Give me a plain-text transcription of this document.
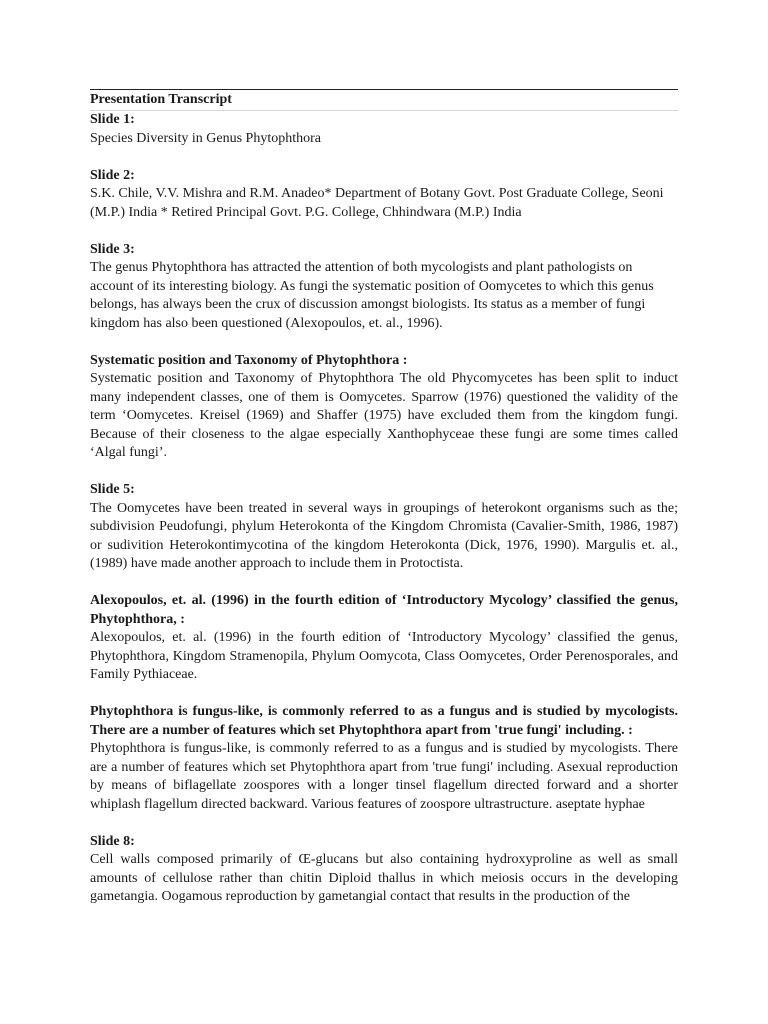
Presentation Transcript
Slide 1:

Species Diversity in Genus Phytophthora

Slide 2:

S.K. Chile, V.V. Mishra and R.M. Anadeo* Department of Botany Govt. Post Graduate College, Seoni (M.P.) India * Retired Principal Govt. P.G. College, Chhindwara (M.P.) India

Slide 3:

The genus Phytophthora has attracted the attention of both mycologists and plant pathologists on account of its interesting biology. As fungi the systematic position of Oomycetes to which this genus belongs, has always been the crux of discussion amongst biologists. Its status as a member of fungi kingdom has also been questioned (Alexopoulos, et. al., 1996).

Systematic position and Taxonomy of Phytophthora :

Systematic position and Taxonomy of Phytophthora The old Phycomycetes has been split to induct many independent classes, one of them is Oomycetes. Sparrow (1976) questioned the validity of the term ‘Oomycetes. Kreisel (1969) and Shaffer (1975) have excluded them from the kingdom fungi. Because of their closeness to the algae especially Xanthophyceae these fungi are some times called ‘Algal fungi’.

Slide 5:

The Oomycetes have been treated in several ways in groupings of heterokont organisms such as the; subdivision Peudofungi, phylum Heterokonta of the Kingdom Chromista (Cavalier-Smith, 1986, 1987) or sudivition Heterokontimycotina of the kingdom Heterokonta (Dick, 1976, 1990). Margulis et. al., (1989) have made another approach to include them in Protoctista.

Alexopoulos, et. al. (1996) in the fourth edition of ‘Introductory Mycology’ classified the genus, Phytophthora, :

Alexopoulos, et. al. (1996) in the fourth edition of ‘Introductory Mycology’ classified the genus, Phytophthora, Kingdom Stramenopila, Phylum Oomycota, Class Oomycetes, Order Perenosporales, and Family Pythiaceae.

Phytophthora is fungus-like, is commonly referred to as a fungus and is studied by mycologists. There are a number of features which set Phytophthora apart from 'true fungi' including. :

Phytophthora is fungus-like, is commonly referred to as a fungus and is studied by mycologists. There are a number of features which set Phytophthora apart from 'true fungi' including. Asexual reproduction by means of biflagellate zoospores with a longer tinsel flagellum directed forward and a shorter whiplash flagellum directed backward. Various features of zoospore ultrastructure. aseptate hyphae

Slide 8:

Cell walls composed primarily of Œ-glucans but also containing hydroxyproline as well as small amounts of cellulose rather than chitin Diploid thallus in which meiosis occurs in the developing gametangia. Oogamous reproduction by gametangial contact that results in the production of the
